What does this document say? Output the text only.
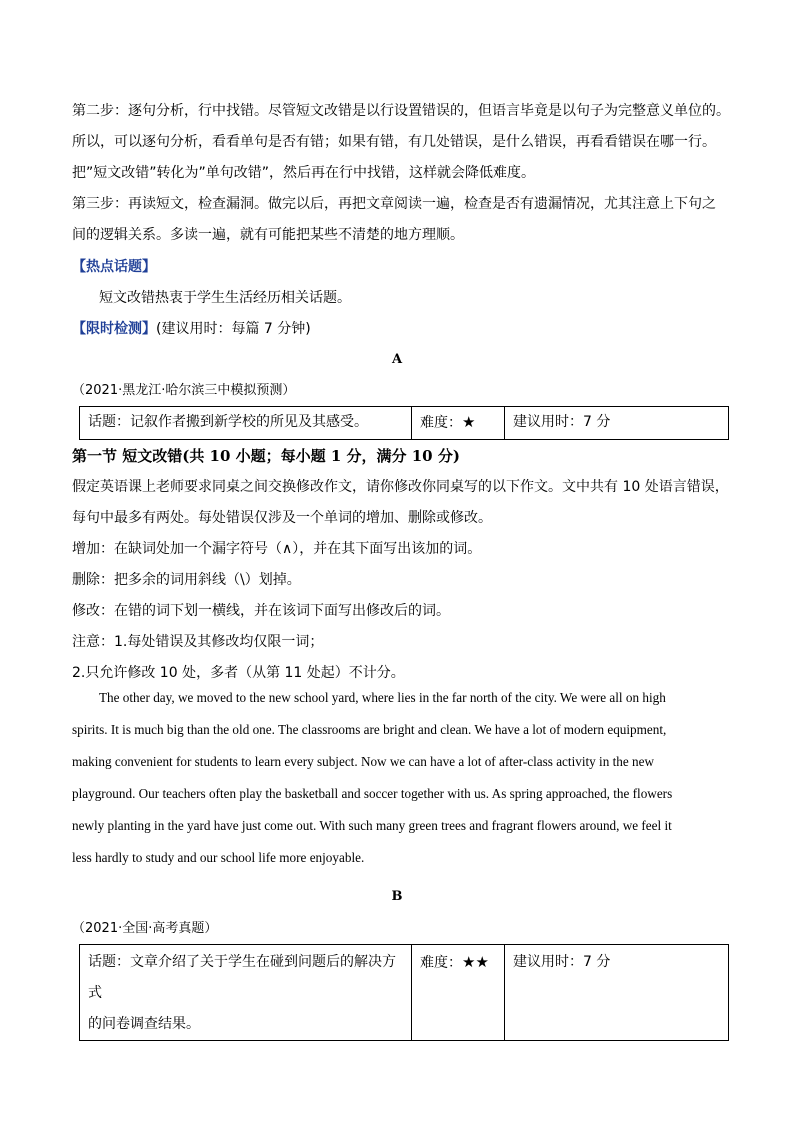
第二步：逐句分析，行中找错。尽管短文改错是以行设置错误的，但语言毕竟是以句子为完整意义单位的。
所以，可以逐句分析，看看单句是否有错；如果有错，有几处错误，是什么错误，再看看错误在哪一行。
把”短文改错”转化为”单句改错”，然后再在行中找错，这样就会降低难度。
第三步：再读短文，检查漏洞。做完以后，再把文章阅读一遍，检查是否有遗漏情况，尤其注意上下句之
间的逻辑关系。多读一遍，就有可能把某些不清楚的地方理顺。
【热点话题】
短文改错热衷于学生生活经历相关话题。
【限时检测】(建议用时：每篇 7 分钟)
A
（2021·黑龙江·哈尔滨三中模拟预测）
话题：记叙作者搬到新学校的所见及其感受。	难度：★	建议用时：7 分
第一节 短文改错(共 10 小题；每小题 1 分，满分 10 分)
假定英语课上老师要求同桌之间交换修改作文，请你修改你同桌写的以下作文。文中共有 10 处语言错误，
每句中最多有两处。每处错误仅涉及一个单词的增加、删除或修改。
增加：在缺词处加一个漏字符号（∧），并在其下面写出该加的词。
删除：把多余的词用斜线（\）划掉。
修改：在错的词下划一横线，并在该词下面写出修改后的词。
注意：1.每处错误及其修改均仅限一词；
2.只允许修改 10 处，多者（从第 11 处起）不计分。
The other day, we moved to the new school yard, where lies in the far north of the city. We were all on high
spirits. It is much big than the old one. The classrooms are bright and clean. We have a lot of modern equipment,
making convenient for students to learn every subject. Now we can have a lot of after-class activity in the new
playground. Our teachers often play the basketball and soccer together with us. As spring approached, the flowers
newly planting in the yard have just come out. With such many green trees and fragrant flowers around, we feel it
less hardly to study and our school life more enjoyable.
B
（2021·全国·高考真题）
话题：文章介绍了关于学生在碰到问题后的解决方式
的问卷调查结果。
	难度：★★	建议用时：7 分
